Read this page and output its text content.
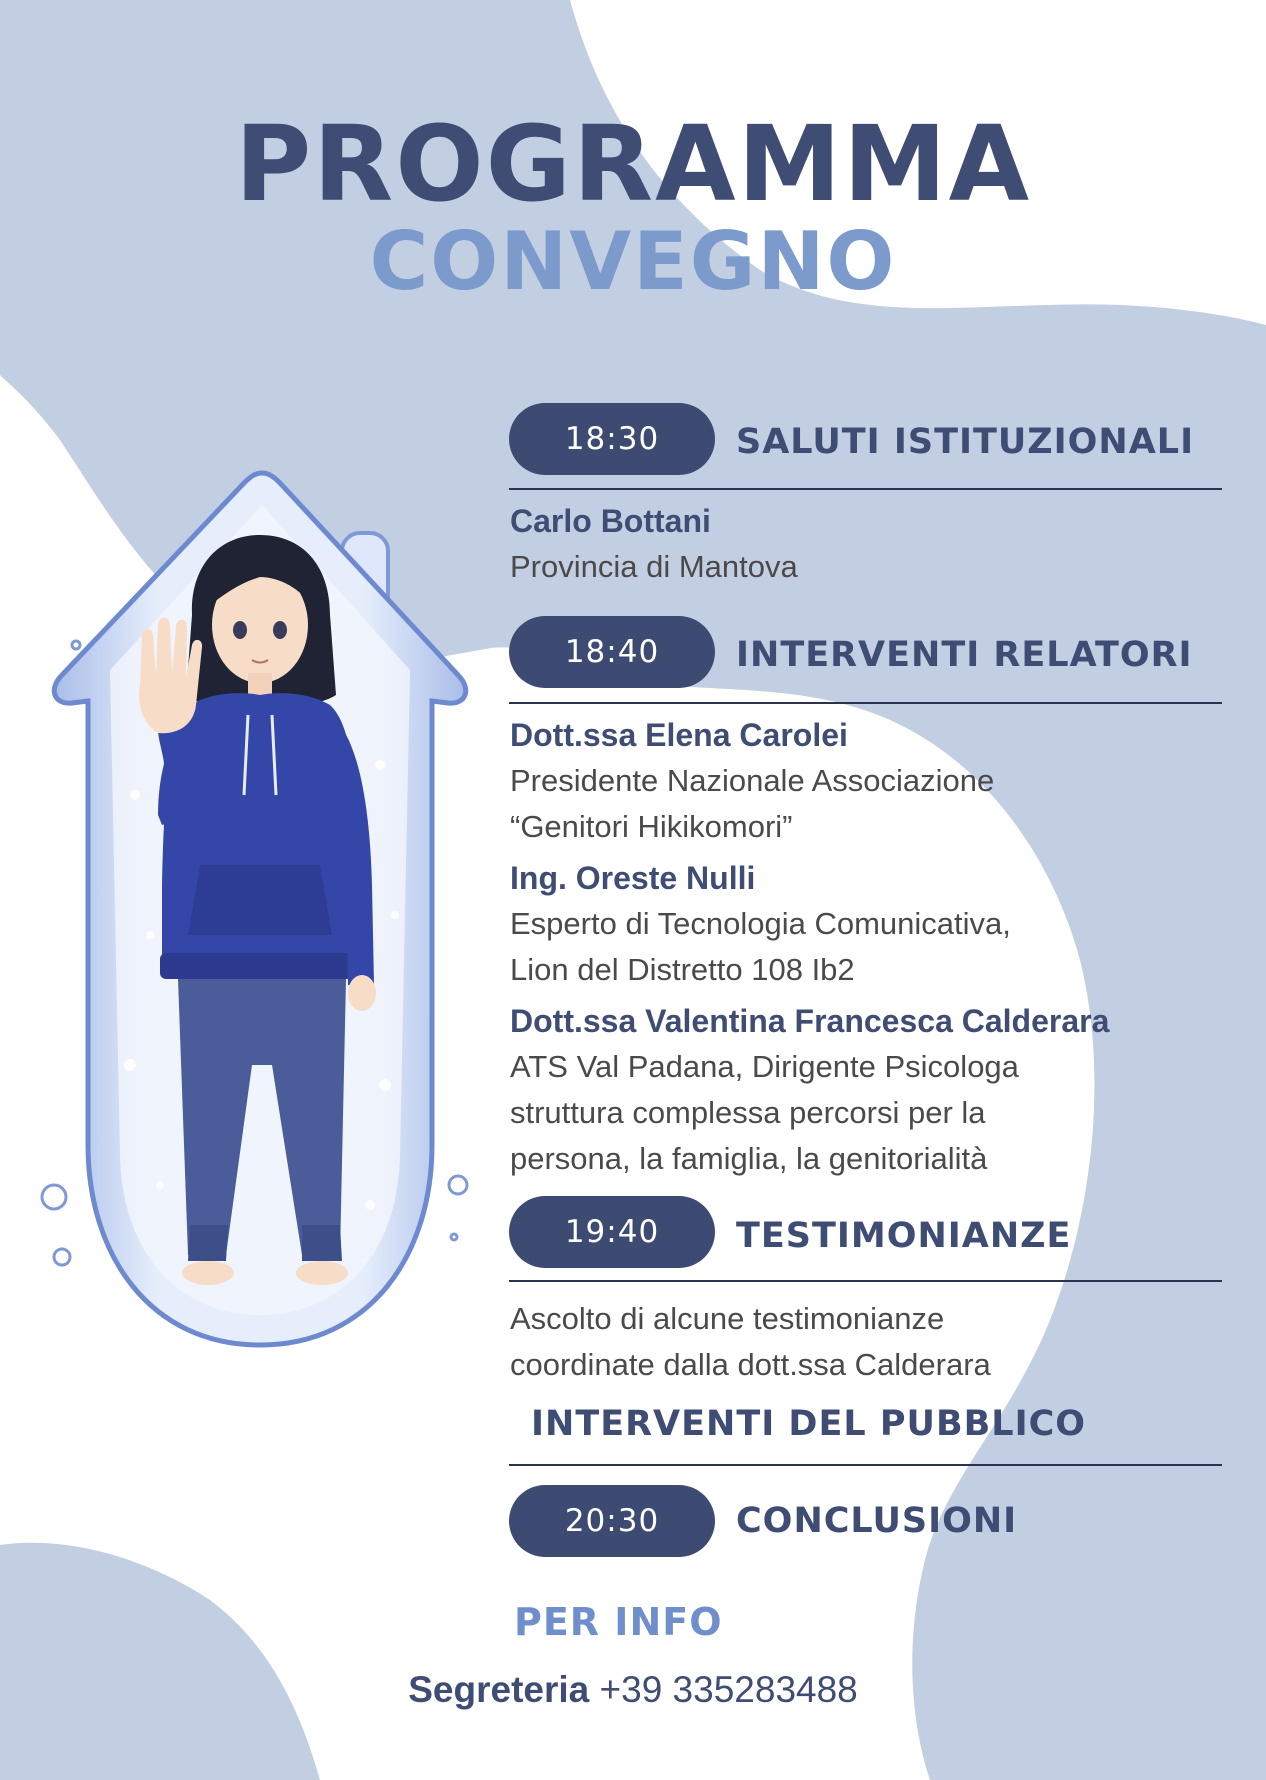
PROGRAMMA
CONVEGNO
18:30	SALUTI ISTITUZIONALI
Carlo Bottani
Provincia di Mantova
18:40	INTERVENTI RELATORI
Dott.ssa Elena Carolei
Presidente Nazionale Associazione
“Genitori Hikikomori”
Ing. Oreste Nulli
Esperto di Tecnologia Comunicativa,
Lion del Distretto 108 Ib2
Dott.ssa Valentina Francesca Calderara
ATS Val Padana, Dirigente Psicologa
struttura complessa percorsi per la
persona, la famiglia, la genitorialità
19:40	TESTIMONIANZE
Ascolto di alcune testimonianze
coordinate dalla dott.ssa Calderara
INTERVENTI DEL PUBBLICO
20:30	CONCLUSIONI
PER INFO
Segreteria +39 335283488
